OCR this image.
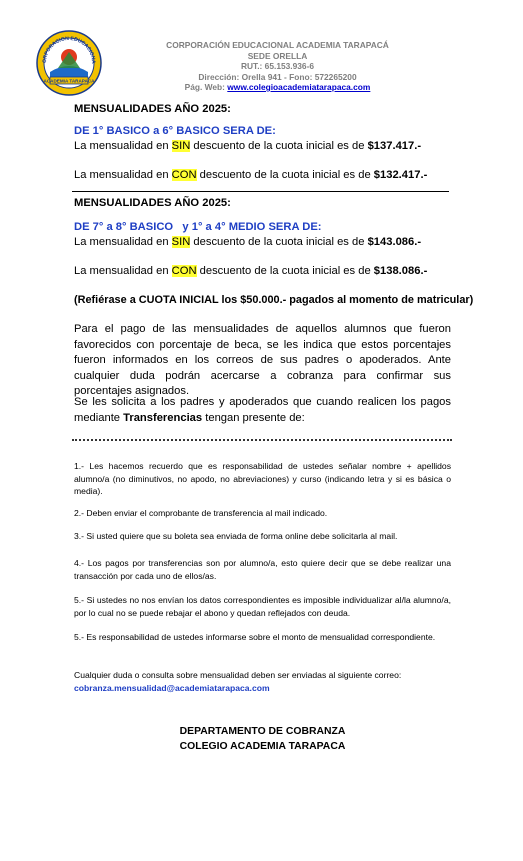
ORPORACION EDUCACIONA
ACADEMIA TARAPACA
CORPORACIÓN EDUCACIONAL ACADEMIA TARAPACÁ
SEDE ORELLA
RUT.: 65.153.936-6
Dirección: Orella 941 - Fono: 572265200
Pág. Web: www.colegioacademiatarapaca.com
MENSUALIDADES AÑO 2025:
DE 1° BASICO a 6° BASICO SERA DE:
La mensualidad en SIN descuento de la cuota inicial es de $137.417.-
La mensualidad en CON descuento de la cuota inicial es de $132.417.-
MENSUALIDADES AÑO 2025:
DE 7° a 8° BASICO   y 1° a 4° MEDIO SERA DE:
La mensualidad en SIN descuento de la cuota inicial es de $143.086.-
La mensualidad en CON descuento de la cuota inicial es de $138.086.-
(Refiérase a CUOTA INICIAL los $50.000.- pagados al momento de matricular)
Para el pago de las mensualidades de aquellos alumnos que fueron favorecidos con porcentaje de beca, se les indica que estos porcentajes fueron informados en los correos de sus padres o apoderados. Ante cualquier duda podrán acercarse a cobranza para confirmar sus porcentajes asignados.
Se les solicita a los padres y apoderados que cuando realicen los pagos mediante Transferencias tengan presente de:
1.- Les hacemos recuerdo que es responsabilidad de ustedes señalar nombre + apellidos alumno/a (no diminutivos, no apodo, no abreviaciones) y curso (indicando letra y si es básica o media).
2.- Deben enviar el comprobante de transferencia al mail indicado.
3.- Si usted quiere que su boleta sea enviada de forma online debe solicitarla al mail.
4.- Los pagos por transferencias son por alumno/a, esto quiere decir que se debe realizar una transacción por cada uno de ellos/as.
5.- Si ustedes no nos envían los datos correspondientes es imposible individualizar al/la alumno/a, por lo cual no se puede rebajar el abono y quedan reflejados con deuda.
5.- Es responsabilidad de ustedes informarse sobre el monto de mensualidad correspondiente.
Cualquier duda o consulta sobre mensualidad deben ser enviadas al siguiente correo:
cobranza.mensualidad@academiatarapaca.com
DEPARTAMENTO DE COBRANZA
COLEGIO ACADEMIA TARAPACA
